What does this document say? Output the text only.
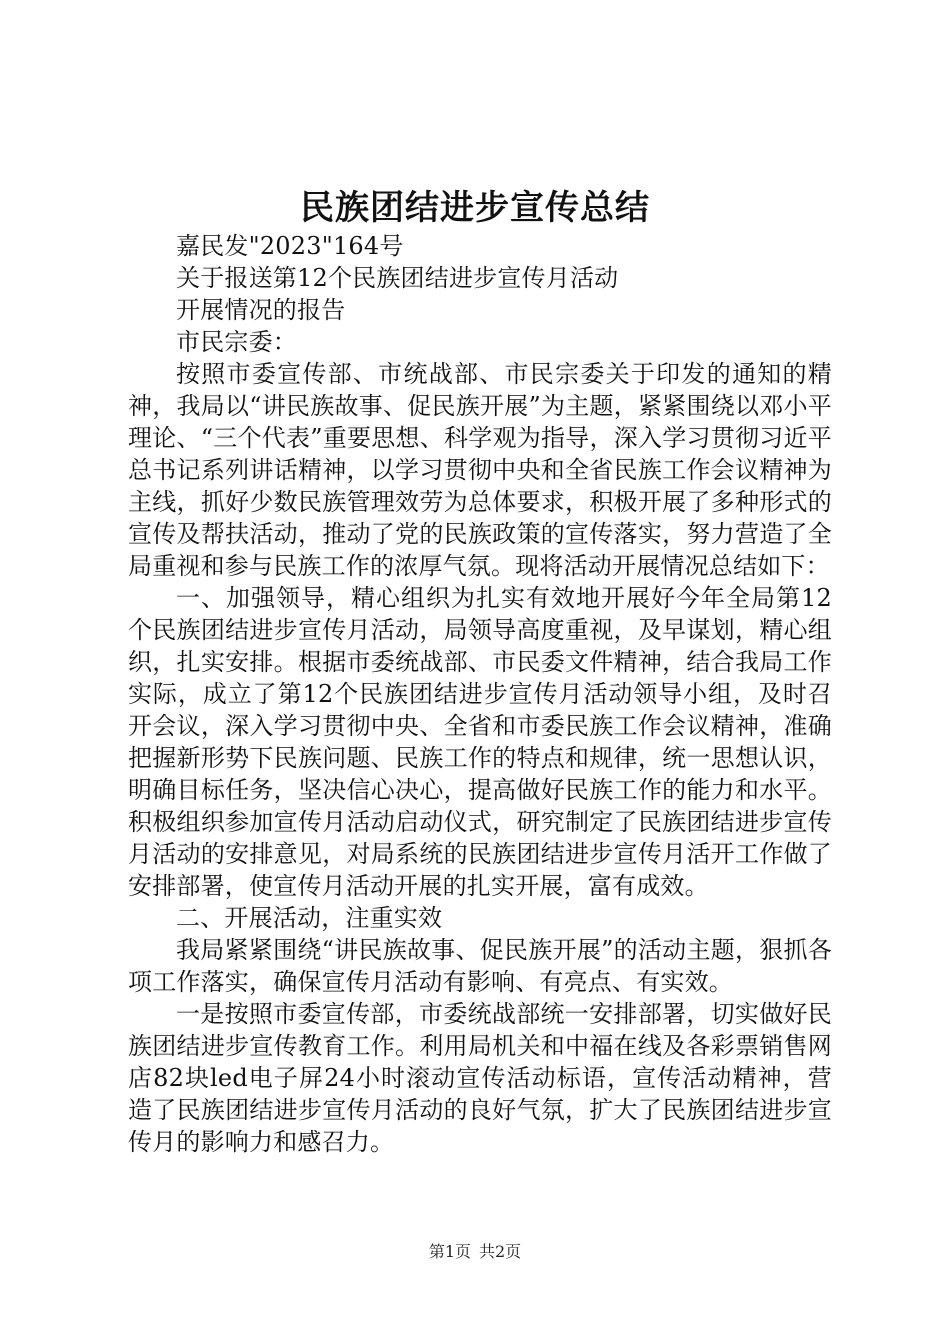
民族团结进步宣传总结

嘉民发"2023"164号

关于报送第12个民族团结进步宣传月活动

开展情况的报告

市民宗委：

按照市委宣传部、市统战部、市民宗委关于印发的通知的精神，我局以“讲民族故事、促民族开展”为主题，紧紧围绕以邓小平理论、“三个代表”重要思想、科学观为指导，深入学习贯彻习近平总书记系列讲话精神，以学习贯彻中央和全省民族工作会议精神为主线，抓好少数民族管理效劳为总体要求，积极开展了多种形式的宣传及帮扶活动，推动了党的民族政策的宣传落实，努力营造了全局重视和参与民族工作的浓厚气氛。现将活动开展情况总结如下：

一、加强领导，精心组织为扎实有效地开展好今年全局第12个民族团结进步宣传月活动，局领导高度重视，及早谋划，精心组织，扎实安排。根据市委统战部、市民委文件精神，结合我局工作实际，成立了第12个民族团结进步宣传月活动领导小组，及时召开会议，深入学习贯彻中央、全省和市委民族工作会议精神，准确把握新形势下民族问题、民族工作的特点和规律，统一思想认识，明确目标任务，坚决信心决心，提高做好民族工作的能力和水平。积极组织参加宣传月活动启动仪式，研究制定了民族团结进步宣传月活动的安排意见，对局系统的民族团结进步宣传月活开工作做了安排部署，使宣传月活动开展的扎实开展，富有成效。

二、开展活动，注重实效

我局紧紧围绕“讲民族故事、促民族开展”的活动主题，狠抓各项工作落实，确保宣传月活动有影响、有亮点、有实效。

一是按照市委宣传部，市委统战部统一安排部署，切实做好民族团结进步宣传教育工作。利用局机关和中福在线及各彩票销售网店82块led电子屏24小时滚动宣传活动标语，宣传活动精神，营造了民族团结进步宣传月活动的良好气氛，扩大了民族团结进步宣传月的影响力和感召力。

第1页 共2页
